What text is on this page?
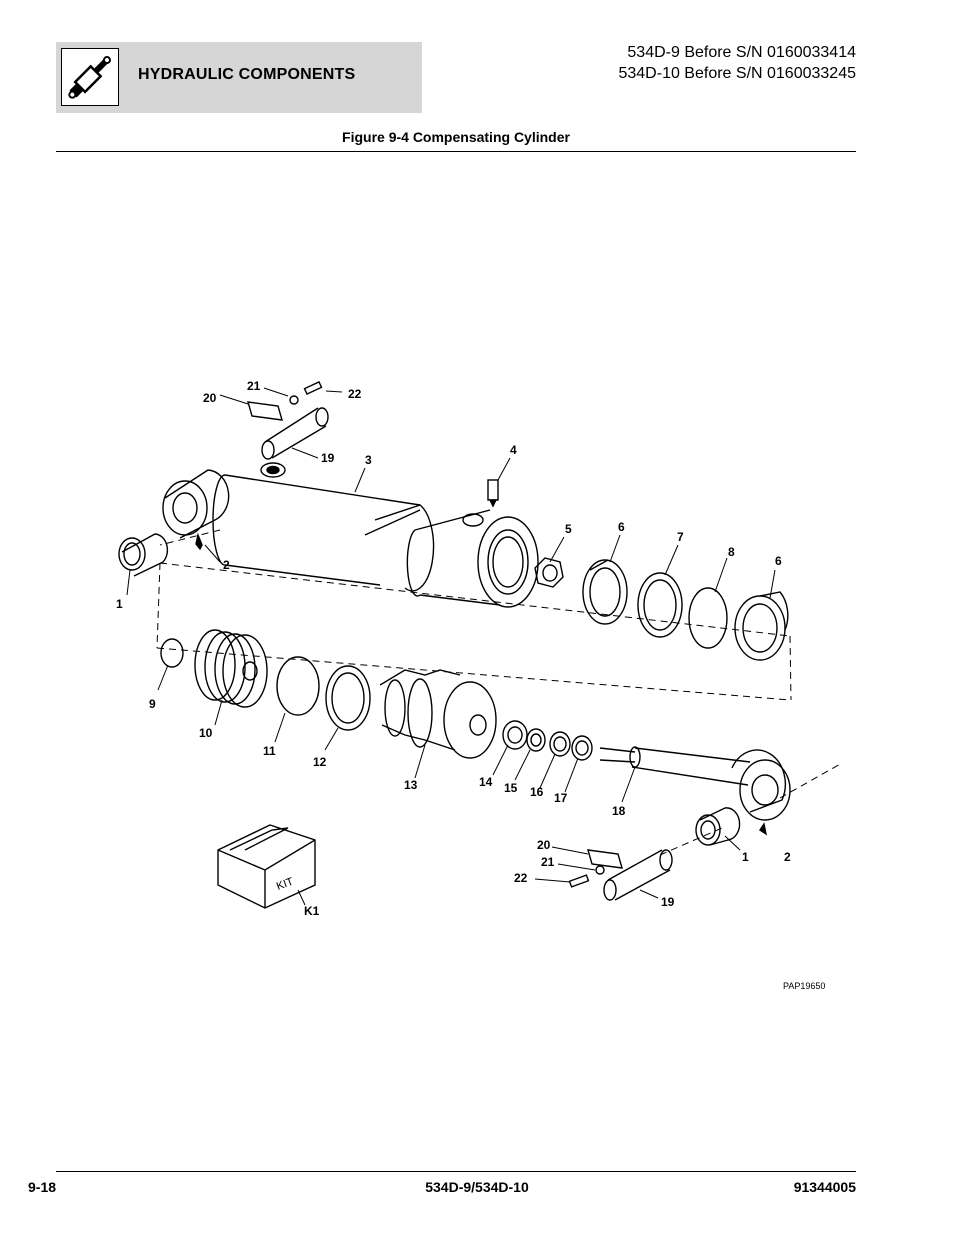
HYDRAULIC COMPONENTS
534D-9 Before S/N 0160033414
534D-10 Before S/N 0160033245
Figure 9-4 Compensating Cylinder
KIT
20
21
22
19	3
4
5	6
7
8
6
2
1
9
10
11
12
13	14 15 16 17
18
20
21
22
19
1	2
K1
PAP19650
9-18	534D-9/534D-10	91344005
